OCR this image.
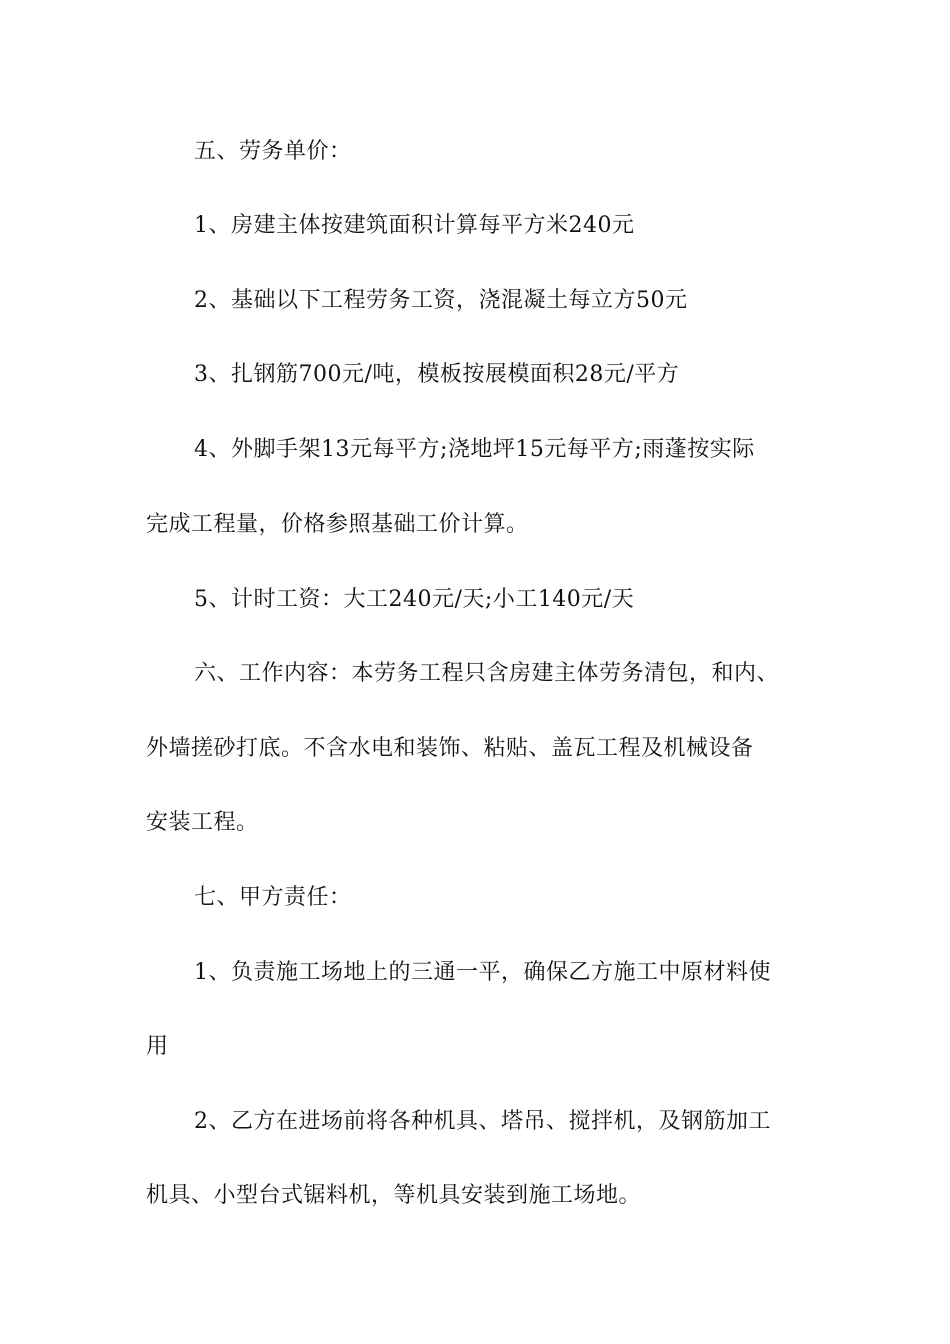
五、劳务单价：
1、房建主体按建筑面积计算每平方米240元
2、基础以下工程劳务工资，浇混凝土每立方50元
3、扎钢筋700元/吨，模板按展模面积28元/平方
4、外脚手架13元每平方;浇地坪15元每平方;雨蓬按实际
完成工程量，价格参照基础工价计算。
5、计时工资：大工240元/天;小工140元/天
六、工作内容：本劳务工程只含房建主体劳务清包，和内、
外墙搓砂打底。不含水电和装饰、粘贴、盖瓦工程及机械设备
安装工程。
七、甲方责任：
1、负责施工场地上的三通一平，确保乙方施工中原材料使
用
2、乙方在进场前将各种机具、塔吊、搅拌机，及钢筋加工
机具、小型台式锯料机，等机具安装到施工场地。
